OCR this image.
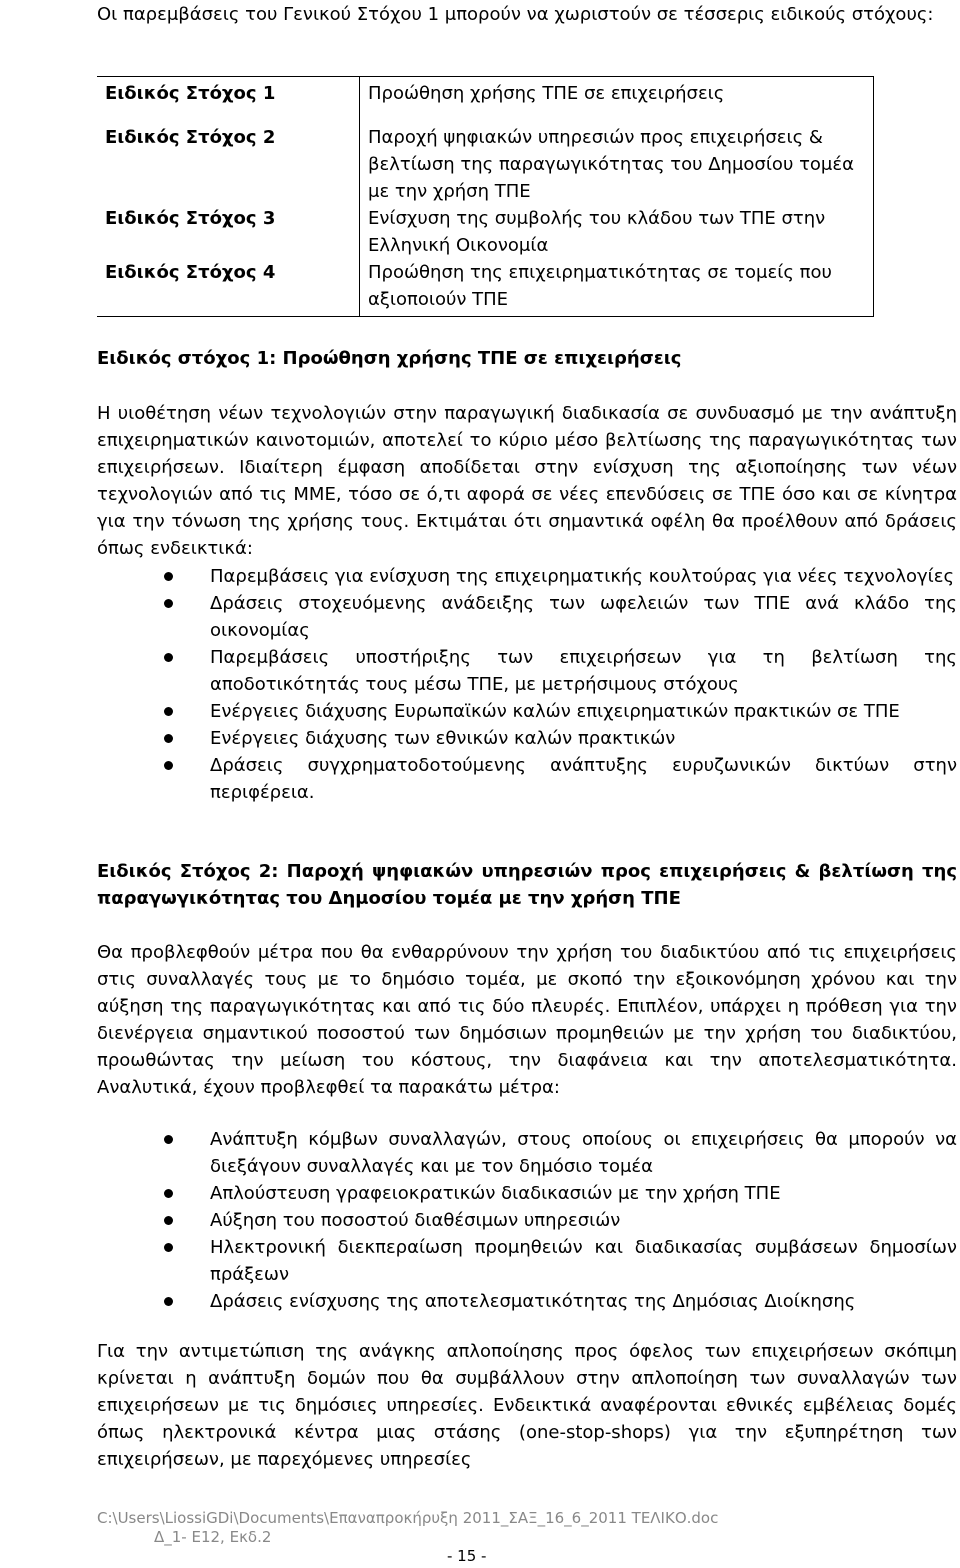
Οι παρεμβάσεις του Γενικού Στόχου 1 μπορούν να χωριστούν σε τέσσερις ειδικούς στόχους:

Ειδικός Στόχος 1	Προώθηση χρήσης ΤΠΕ σε επιχειρήσεις
Ειδικός Στόχος 2	Παροχή ψηφιακών υπηρεσιών προς επιχειρήσεις & βελτίωση της παραγωγικότητας του Δημοσίου τομέα με την χρήση ΤΠΕ
Ειδικός Στόχος 3	Ενίσχυση της συμβολής του κλάδου των ΤΠΕ στην Ελληνική Οικονομία
Ειδικός Στόχος 4	Προώθηση της επιχειρηματικότητας σε τομείς που αξιοποιούν ΤΠΕ

Ειδικός στόχος 1: Προώθηση χρήσης ΤΠΕ σε επιχειρήσεις

Η υιοθέτηση νέων τεχνολογιών στην παραγωγική διαδικασία σε συνδυασμό με την ανάπτυξη επιχειρηματικών καινοτομιών, αποτελεί το κύριο μέσο βελτίωσης της παραγωγικότητας των επιχειρήσεων. Ιδιαίτερη έμφαση αποδίδεται στην ενίσχυση της αξιοποίησης των νέων τεχνολογιών από τις ΜΜΕ, τόσο σε ό,τι αφορά σε νέες επενδύσεις σε ΤΠΕ όσο και σε κίνητρα για την τόνωση της χρήσης τους. Εκτιμάται ότι σημαντικά οφέλη θα προέλθουν από δράσεις όπως ενδεικτικά:

Παρεμβάσεις για ενίσχυση της επιχειρηματικής κουλτούρας για νέες τεχνολογίες
Δράσεις στοχευόμενης ανάδειξης των ωφελειών των ΤΠΕ ανά κλάδο της οικονομίας
Παρεμβάσεις υποστήριξης των επιχειρήσεων για τη βελτίωση της αποδοτικότητάς τους μέσω ΤΠΕ, με μετρήσιμους στόχους
Ενέργειες διάχυσης Ευρωπαϊκών καλών επιχειρηματικών πρακτικών σε ΤΠΕ
Ενέργειες διάχυσης των εθνικών καλών πρακτικών
Δράσεις συγχρηματοδοτούμενης ανάπτυξης ευρυζωνικών δικτύων στην περιφέρεια.

Ειδικός Στόχος 2: Παροχή ψηφιακών υπηρεσιών προς επιχειρήσεις & βελτίωση της παραγωγικότητας του Δημοσίου τομέα με την χρήση ΤΠΕ

Θα προβλεφθούν μέτρα που θα ενθαρρύνουν την χρήση του διαδικτύου από τις επιχειρήσεις στις συναλλαγές τους με το δημόσιο τομέα, με σκοπό την εξοικονόμηση χρόνου και την αύξηση της παραγωγικότητας και από τις δύο πλευρές. Επιπλέον, υπάρχει η πρόθεση για την διενέργεια σημαντικού ποσοστού των δημόσιων προμηθειών με την χρήση του διαδικτύου, προωθώντας την μείωση του κόστους, την διαφάνεια και την αποτελεσματικότητα. Αναλυτικά, έχουν προβλεφθεί τα παρακάτω μέτρα:

Ανάπτυξη κόμβων συναλλαγών, στους οποίους οι επιχειρήσεις θα μπορούν να διεξάγουν συναλλαγές και με τον δημόσιο τομέα
Απλούστευση γραφειοκρατικών διαδικασιών με την χρήση ΤΠΕ
Αύξηση του ποσοστού διαθέσιμων υπηρεσιών
Ηλεκτρονική διεκπεραίωση προμηθειών και διαδικασίας συμβάσεων δημοσίων πράξεων
Δράσεις ενίσχυσης της αποτελεσματικότητας της Δημόσιας Διοίκησης

Για την αντιμετώπιση της ανάγκης απλοποίησης προς όφελος των επιχειρήσεων σκόπιμη κρίνεται η ανάπτυξη δομών που θα συμβάλλουν στην απλοποίηση των συναλλαγών των επιχειρήσεων με τις δημόσιες υπηρεσίες. Ενδεικτικά αναφέρονται εθνικές εμβέλειας δομές όπως ηλεκτρονικά κέντρα μιας στάσης (one-stop-shops) για την εξυπηρέτηση των επιχειρήσεων, με παρεχόμενες υπηρεσίες

C:\Users\LiossiGDi\Documents\Επαναπροκήρυξη 2011_ΣΑΞ_16_6_2011 ΤΕΛΙΚΟ.doc
Δ_1- Ε12, Εκδ.2
- 15 -
